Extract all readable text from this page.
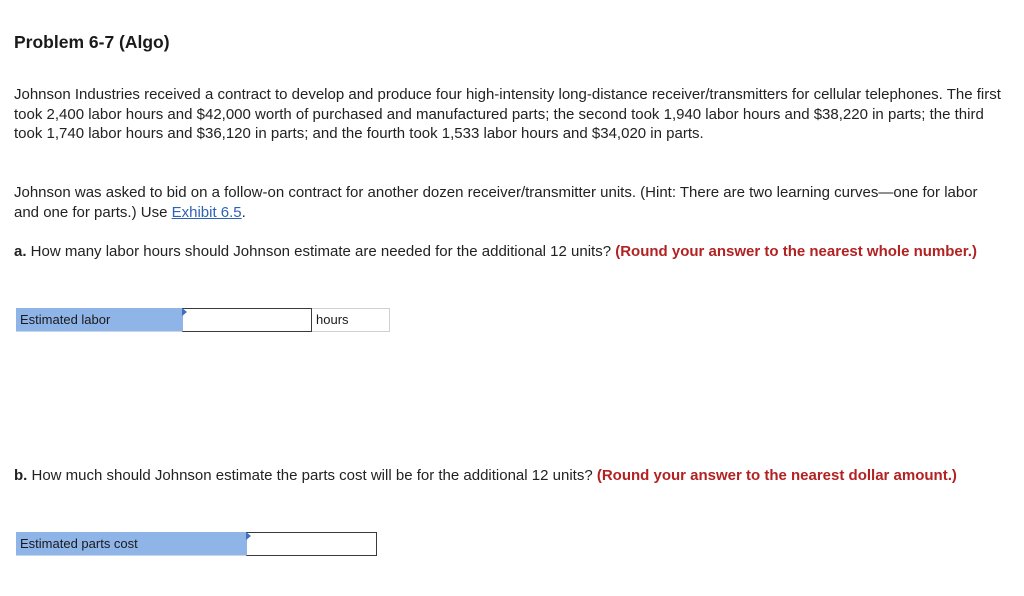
Problem 6-7 (Algo)

Johnson Industries received a contract to develop and produce four high-intensity long-distance receiver/transmitters for cellular telephones. The first took 2,400 labor hours and $42,000 worth of purchased and manufactured parts; the second took 1,940 labor hours and $38,220 in parts; the third took 1,740 labor hours and $36,120 in parts; and the fourth took 1,533 labor hours and $34,020 in parts.

Johnson was asked to bid on a follow-on contract for another dozen receiver/transmitter units. (Hint: There are two learning curves—one for labor and one for parts.) Use Exhibit 6.5.

a. How many labor hours should Johnson estimate are needed for the additional 12 units? (Round your answer to the nearest whole number.)

Estimated labor	hours

b. How much should Johnson estimate the parts cost will be for the additional 12 units? (Round your answer to the nearest dollar amount.)

Estimated parts cost
